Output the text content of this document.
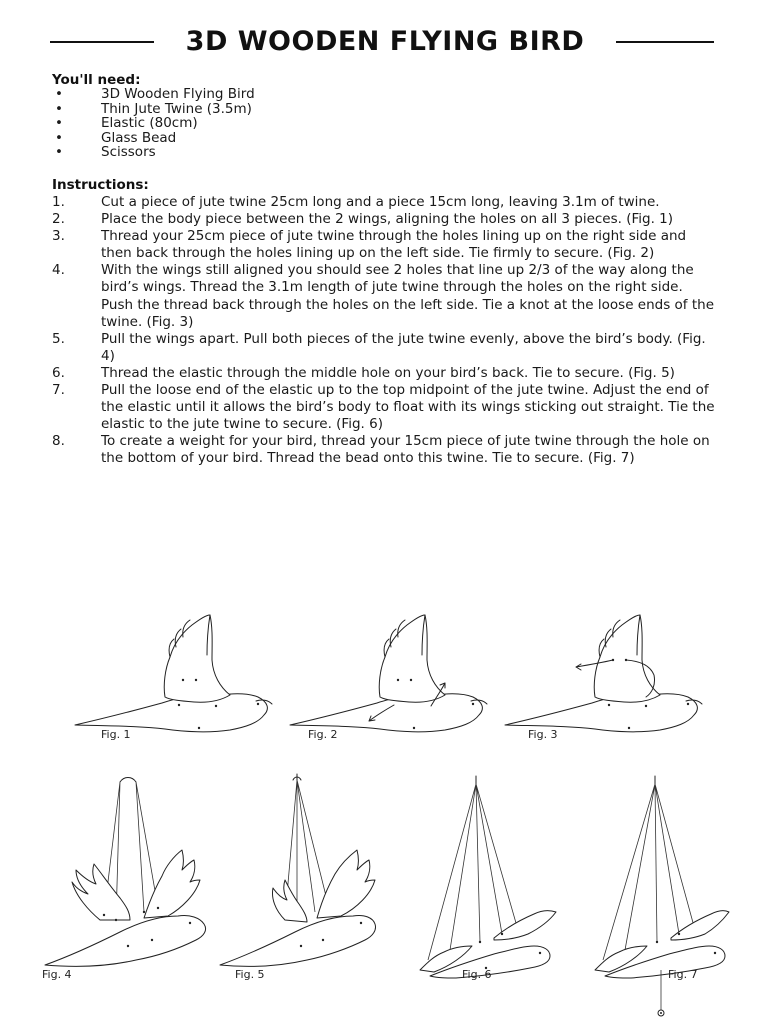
3D WOODEN FLYING BIRD
You'll need:
•	3D Wooden Flying Bird
•	Thin Jute Twine (3.5m)
•	Elastic (80cm)
•	Glass Bead
•	Scissors
Instructions:
1.	Cut a piece of jute twine 25cm long and a piece 15cm long, leaving 3.1m of twine.
2.	Place the body piece between the 2 wings, aligning the holes on all 3 pieces. (Fig. 1)
3.	Thread your 25cm piece of jute twine through the holes lining up on the right side and then back through the holes lining up on the left side. Tie firmly to secure. (Fig. 2)
4.	With the wings still aligned you should see 2 holes that line up 2/3 of the way along the bird’s wings. Thread the 3.1m length of jute twine through the holes on the right side. Push the thread back through the holes on the left side. Tie a knot at the loose ends of the twine. (Fig. 3)
5.	Pull the wings apart. Pull both pieces of the jute twine evenly, above the bird’s body. (Fig. 4)
6.	Thread the elastic through the middle hole on your bird’s back. Tie to secure. (Fig. 5)
7.	Pull the loose end of the elastic up to the top midpoint of the jute twine. Adjust the end of the elastic until it allows the bird’s body to float with its wings sticking out straight. Tie the elastic to the jute twine to secure. (Fig. 6)
8.	To create a weight for your bird, thread your 15cm piece of jute twine through the hole on the bottom of your bird. Thread the bead onto this twine. Tie to secure. (Fig. 7)
Fig. 1	Fig. 2	Fig. 3
Fig. 4	Fig. 5	Fig. 6	Fig. 7
